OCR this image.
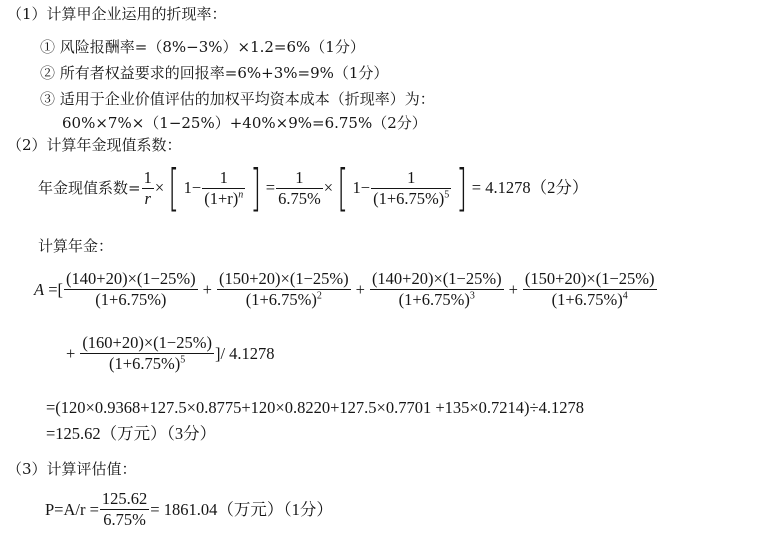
（1）计算甲企业运用的折现率：
① 风险报酬率=（8%−3%）×1.2=6%（1分）
② 所有者权益要求的回报率=6%+3%=9%（1分）
③ 适用于企业价值评估的加权平均资本成本（折现率）为：
60%×7%×（1−25%）+40%×9%=6.75%（2分）
（2）计算年金现值系数：
年金现值系数= $\frac{1}{r}$ × [ $1- \frac{1}{(1+r)^n}$ ] = $\frac{1}{6.75\%}$ × [ $1- \frac{1}{(1+6.75\%)^5}$ ] = 4.1278（2分）
计算年金：
A =[ $\frac{(140+20)\times(1-25\%)}{(1+6.75\%)} + \frac{(150+20)\times(1-25\%)}{(1+6.75\%)^2} + \frac{(140+20)\times(1-25\%)}{(1+6.75\%)^3} + \frac{(150+20)\times(1-25\%)}{(1+6.75\%)^4}$
+ $\frac{(160+20)\times(1-25\%)}{(1+6.75\%)^5}$ ]/ 4.1278
=(120×0.9368+127.5×0.8775+120×0.8220+127.5×0.7701 +135×0.7214)÷4.1278
=125.62（万元）（3分）
（3）计算评估值：
$P=A/r = \frac{125.62}{6.75\%} = 1861.04$（万元）（1分）
